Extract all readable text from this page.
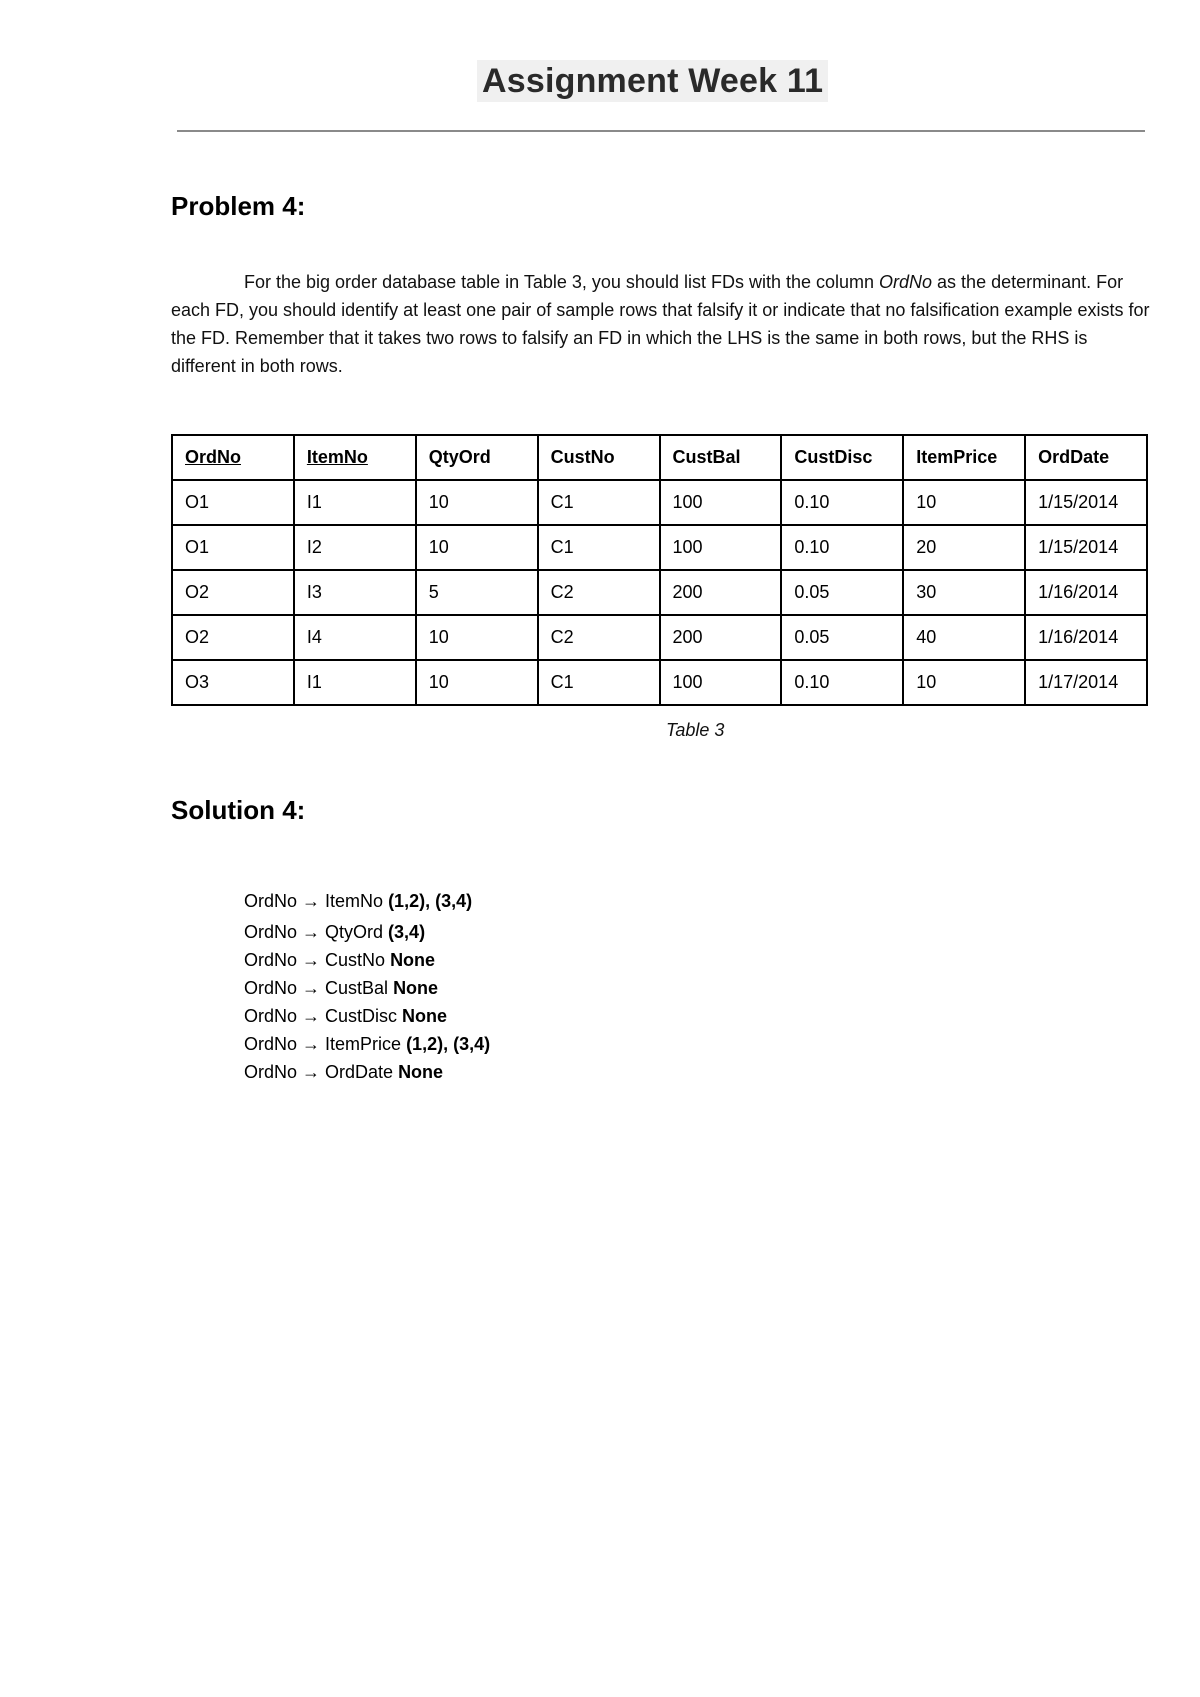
Assignment Week 11
Problem 4:
For the big order database table in Table 3, you should list FDs with the column OrdNo as the determinant. For each FD, you should identify at least one pair of sample rows that falsify it or indicate that no falsification example exists for the FD. Remember that it takes two rows to falsify an FD in which the LHS is the same in both rows, but the RHS is different in both rows.
OrdNo	ItemNo	QtyOrd	CustNo	CustBal	CustDisc	ItemPrice	OrdDate
O1	I1	10	C1	100	0.10	10	1/15/2014
O1	I2	10	C1	100	0.10	20	1/15/2014
O2	I3	5	C2	200	0.05	30	1/16/2014
O2	I4	10	C2	200	0.05	40	1/16/2014
O3	I1	10	C1	100	0.10	10	1/17/2014
Table 3
Solution 4:
OrdNo → ItemNo (1,2), (3,4)
OrdNo → QtyOrd (3,4)
OrdNo → CustNo None
OrdNo → CustBal None
OrdNo → CustDisc None
OrdNo → ItemPrice (1,2), (3,4)
OrdNo → OrdDate None
